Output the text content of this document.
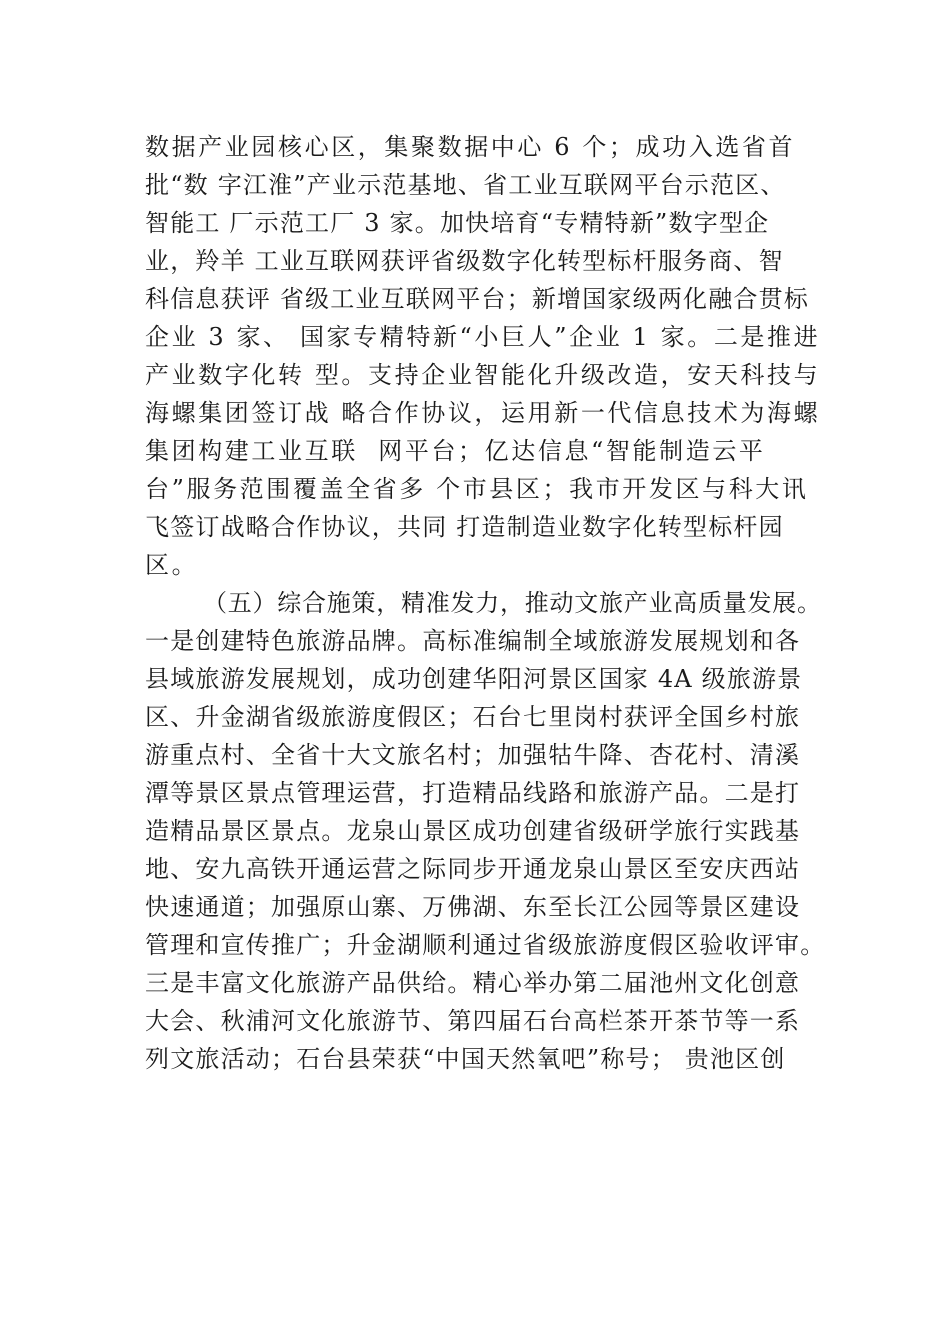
数据产业园核心区，集聚数据中心 6 个；成功入选省首
批“数 字江淮”产业示范基地、省工业互联网平台示范区、
智能工 厂示范工厂 3 家。加快培育“专精特新”数字型企
业，羚羊 工业互联网获评省级数字化转型标杆服务商、智
科信息获评 省级工业互联网平台；新增国家级两化融合贯标
企业 3 家、 国家专精特新“小巨人”企业 1 家。二是推进
产业数字化转 型。支持企业智能化升级改造，安天科技与
海螺集团签订战 略合作协议，运用新一代信息技术为海螺
集团构建工业互联  网平台；亿达信息“智能制造云平
台”服务范围覆盖全省多 个市县区；我市开发区与科大讯
飞签订战略合作协议，共同 打造制造业数字化转型标杆园
区。
（五）综合施策，精准发力，推动文旅产业高质量发展。
一是创建特色旅游品牌。高标准编制全域旅游发展规划和各
县域旅游发展规划，成功创建华阳河景区国家 4A 级旅游景
区、升金湖省级旅游度假区；石台七里岗村获评全国乡村旅
游重点村、全省十大文旅名村；加强牯牛降、杏花村、清溪
潭等景区景点管理运营，打造精品线路和旅游产品。二是打
造精品景区景点。龙泉山景区成功创建省级研学旅行实践基
地、安九高铁开通运营之际同步开通龙泉山景区至安庆西站
快速通道；加强原山寨、万佛湖、东至长江公园等景区建设
管理和宣传推广；升金湖顺利通过省级旅游度假区验收评审。
三是丰富文化旅游产品供给。精心举办第二届池州文化创意
大会、秋浦河文化旅游节、第四届石台高栏茶开茶节等一系
列文旅活动；石台县荣获“中国天然氧吧”称号； 贵池区创
